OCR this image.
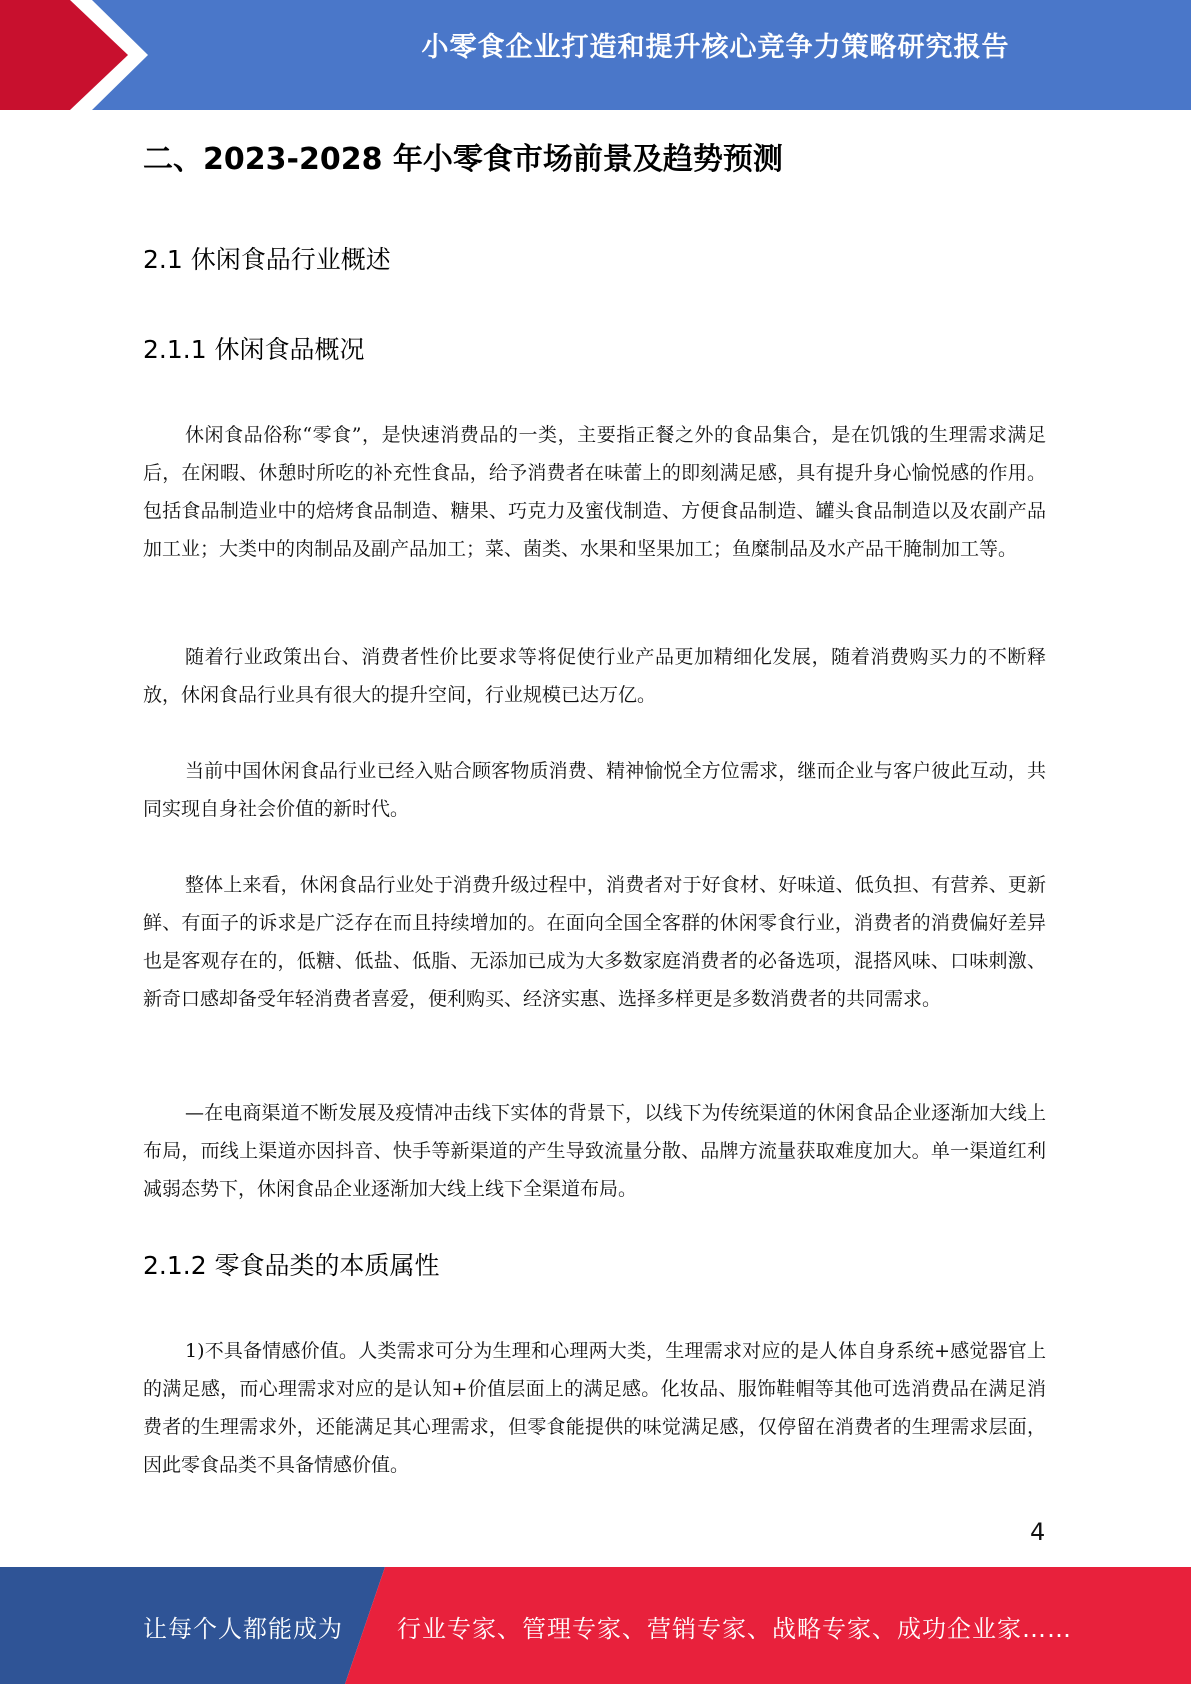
小零食企业打造和提升核心竞争力策略研究报告
二、2023-2028 年小零食市场前景及趋势预测
2.1 休闲食品行业概述
2.1.1 休闲食品概况

休闲食品俗称“零食”，是快速消费品的一类，主要指正餐之外的食品集合，是在饥饿的生理需求满足后，在闲暇、休憩时所吃的补充性食品，给予消费者在味蕾上的即刻满足感，具有提升身心愉悦感的作用。包括食品制造业中的焙烤食品制造、糖果、巧克力及蜜伐制造、方便食品制造、罐头食品制造以及农副产品加工业；大类中的肉制品及副产品加工；菜、菌类、水果和坚果加工；鱼糜制品及水产品干腌制加工等。

随着行业政策出台、消费者性价比要求等将促使行业产品更加精细化发展，随着消费购买力的不断释放，休闲食品行业具有很大的提升空间，行业规模已达万亿。

当前中国休闲食品行业已经入贴合顾客物质消费、精神愉悦全方位需求，继而企业与客户彼此互动，共同实现自身社会价值的新时代。

整体上来看，休闲食品行业处于消费升级过程中，消费者对于好食材、好味道、低负担、有营养、更新鲜、有面子的诉求是广泛存在而且持续增加的。在面向全国全客群的休闲零食行业，消费者的消费偏好差异也是客观存在的，低糖、低盐、低脂、无添加已成为大多数家庭消费者的必备选项，混搭风味、口味刺激、新奇口感却备受年轻消费者喜爱，便利购买、经济实惠、选择多样更是多数消费者的共同需求。

—在电商渠道不断发展及疫情冲击线下实体的背景下，以线下为传统渠道的休闲食品企业逐渐加大线上布局，而线上渠道亦因抖音、快手等新渠道的产生导致流量分散、品牌方流量获取难度加大。单一渠道红利减弱态势下，休闲食品企业逐渐加大线上线下全渠道布局。

2.1.2 零食品类的本质属性

1)不具备情感价值。人类需求可分为生理和心理两大类，生理需求对应的是人体自身系统+感觉器官上的满足感，而心理需求对应的是认知+价值层面上的满足感。化妆品、服饰鞋帽等其他可选消费品在满足消费者的生理需求外，还能满足其心理需求，但零食能提供的味觉满足感，仅停留在消费者的生理需求层面，因此零食品类不具备情感价值。

4
让每个人都能成为 行业专家、管理专家、营销专家、战略专家、成功企业家……
